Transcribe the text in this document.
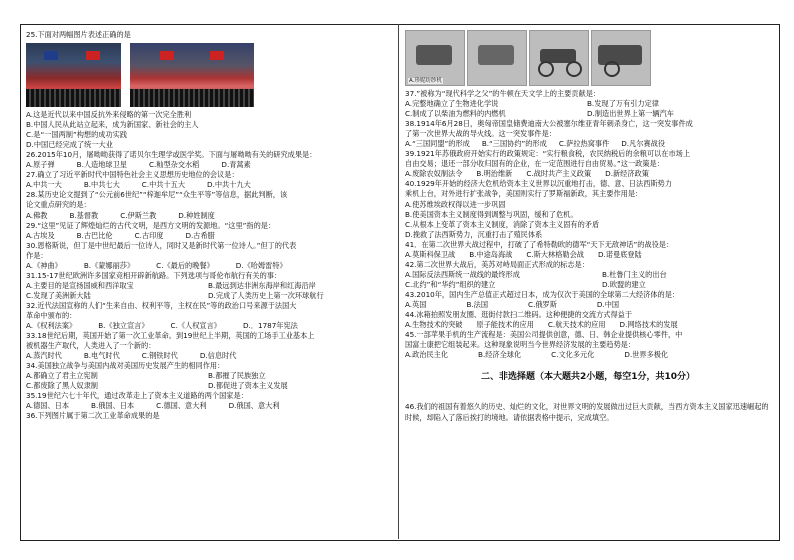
25.下面对两幅图片表述正确的是
A.这是近代以来中国反抗外来侵略的第一次完全胜利
B.中国人民从此站立起来，成为新国家、新社会的主人
C.是“一国两制”构想的成功实践
D.中国已经完成了统一大业
26.2015年10月，屠呦呦获得了诺贝尔生理学或医学奖。下面与屠呦呦有关的研究成果是：
A.原子弹	B.人造地球卫星	C.籼型杂交水稻	D.青蒿素
27.确立了习近平新时代中国特色社会主义思想历史地位的会议是：
A.中共一大	B.中共七大	C.中共十五大	D.中共十九大
28.某历史论文提到了“公元前6世纪”“梓迦牟尼”“众生平等”等信息，据此判断，该
论文重点研究的是：
A.佛教	B.基督教	C.伊斯兰教	D.种姓制度
29.“这里”见证了辉煌灿烂的古代文明，是西方文明的发源地。“这里”指的是：
A.古埃及	B.古巴比伦	C.古印度	D.古希腊
30.恩格斯说，但丁是中世纪最后一位诗人，同时又是新时代第一位诗人。”但丁的代表
作是：
A.《神曲》	B.《蒙娜丽莎》	C.《最后的晚餐》	D.《哈姆雷特》
31.15-17世纪欧洲许多国家竞相开辟新航路。下列选项与哥伦布航行有关的事：
A.主要目的是宣扬国威和西洋取宝	B.最远到达非洲东海岸和红海沿岸
C.发现了美洲新大陆	D.完成了人类历史上第一次环球航行
32.近代法国宣称的人们“生来自由、权利平等，主权在民”等的政治口号来源于法国大
革命中颁布的：
A.《权利法案》	B.《独立宣言》	C.《人权宣言》	D.．1787年宪法
33.18世纪后期，英国开始了第一次工业革命。到19世纪上半期，英国的工场手工业基本上
被机器生产取代，人类进入了一个新的：
A.蒸汽时代	B.电气时代	C.钢铁时代	D.信息时代
34.美国独立战争与美国内战对美国历史发展产生的相同作用：
A.都确立了君主立宪制	B.都摧了民族独立
C.都废除了黑人奴隶制	D.都促进了资本主义发展
35.19世纪六七十年代，通过改革走上了资本主义道路的两个国家是：
A.德国、日本	B.俄国、日本	C.德国、意大利	D.俄国、意大利
36.下列图片属于第二次工业革命成果的是
A.珍妮纺纱机
37.”被称为“现代科学之父”的牛顿在天文学上的主要贡献是：
A.完整地确立了生物进化学说	B.发现了万有引力定律
C.制成了以柴油为燃料的内燃机	D.制造出世界上第一辆汽车
38.1914年6月28日，奥匈帝国皇储费迪南大公被塞尔维亚青年刺杀身亡，这一突发事件成
了第一次世界大战的导火线。这一突发事件是：
A.“三国同盟”的形成 B.“三国协约”的形成 C.萨拉热窝事件 D.凡尔赛战役
39.1921年苏俄政府开始实行的政策规定：“实行粮食税，农民纳税后的余粮可以在市场上
自由交易；退还一部分收归国有的企业，在一定范围进行自由贸易。”这一政策是：
A.废除农奴制法令 B.明治维新 C.战时共产主义政策 D.新经济政策
40.1929年开始的经济大危机给资本主义世界以沉重地打击，德、意、日法西斯势力
乘机上台，对外进行扩张战争，美国则实行了罗斯福新政，其主要作用是：
A.使苏维埃政权得以进一步巩固
B.使美国资本主义制度得到调整与巩固，缓和了危机。
C.从根本上变革了资本主义制度，消除了资本主义固有的矛盾
D.挽救了法西斯势力，沉重打击了殖民体系
41．在第二次世界大战过程中，打破了了希特勒欧的德军“天下无敌神话”的战役是：
A.莫斯科保卫战 B.中途岛海战 C.斯大林格勒会战 D.诺曼底登陆
42.第二次世界大战后，美苏对峙局面正式形成的标志是：
A.国际反法西斯统一战线的最终形成	B.杜鲁门主义的出台
C.北约”和“华约”组织的建立	D.欧盟的建立
43.2010年，国内生产总值正式超过日本，成为仅次于美国的全球第二大经济体的是：
A.英国	B.法国	C.俄罗斯	D.中国
44.冰箱拍照发朋友圈、逛街付款扫二维码。这种便捷的交流方式得益于
A.生物技术的突破 原子能技术的应用 C.航天技术的应用 D.网络技术的发展
45.一部苹果手机的生产流程是：美国公司提供创意，德、日、韩企业提供核心零件，中
国富士康把它组装起来。这种现象说明当今世界经济发展的主要趋势是：
A.政治民主化	B.经济全球化	C.文化多元化	D.世界多极化
二、非选择题（本大题共2小题，每空1分，共10分）
46.我们的祖国有着悠久的历史、灿烂的文化，对世界文明的发展做出过巨大贡献，当西方资本主义国家迅速崛起的时候，却陷入了落后挨打的境地。请依据表格中提示，完成填空。
